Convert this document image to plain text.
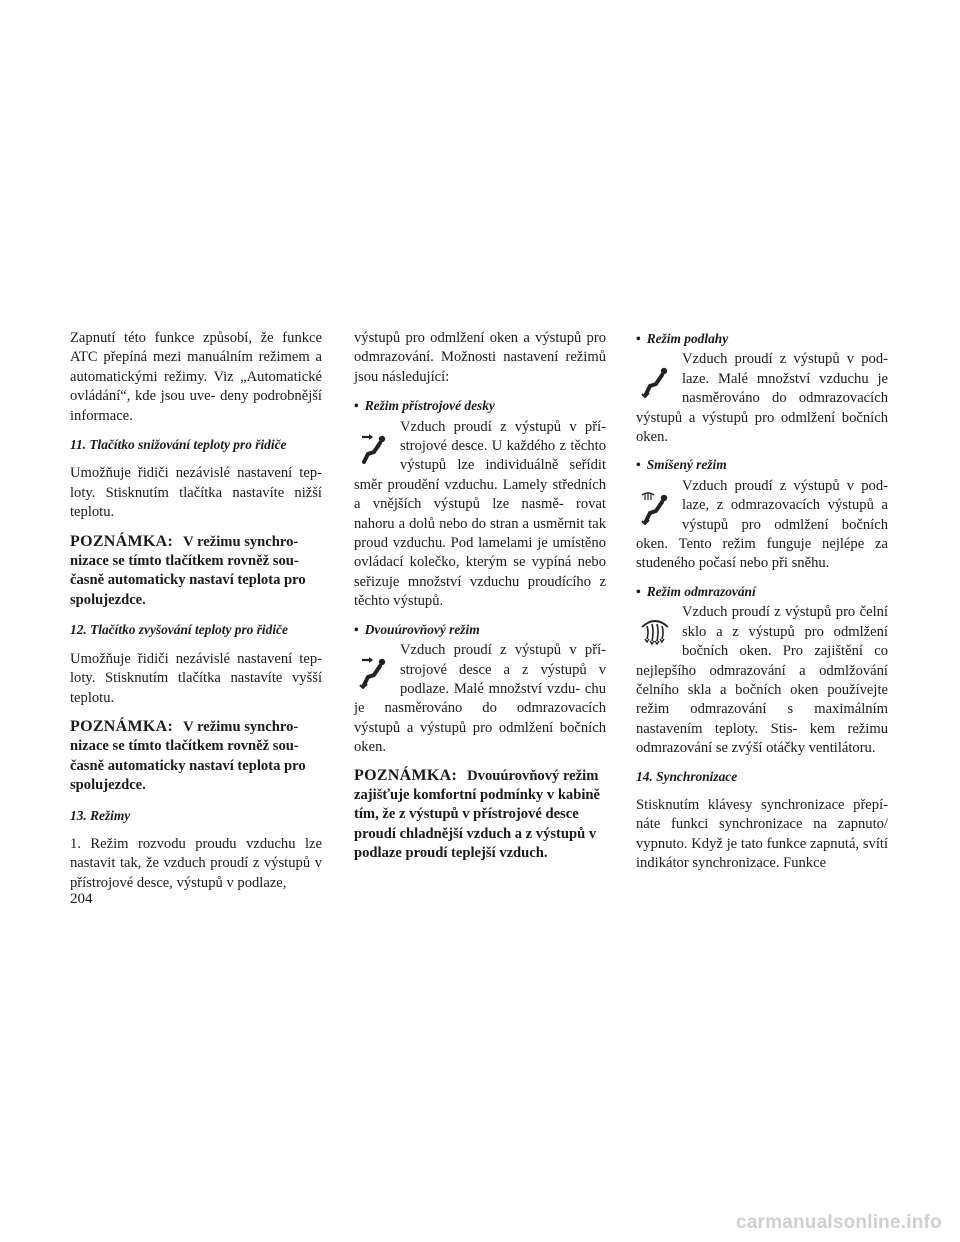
Zapnutí této funkce způsobí, že funkce ATC přepíná mezi manuálním režimem a automatickými režimy. Viz „Automatické ovládání“, kde jsou uve- deny podrobnější informace.

11. Tlačítko snižování teploty pro řidiče

Umožňuje řidiči nezávislé nastavení tep- loty. Stisknutím tlačítka nastavíte nižší teplotu.

POZNÁMKA: V režimu synchro- nizace se tímto tlačítkem rovněž sou- časně automaticky nastaví teplota pro spolujezdce.

12. Tlačítko zvyšování teploty pro řidiče

Umožňuje řidiči nezávislé nastavení tep- loty. Stisknutím tlačítka nastavíte vyšší teplotu.

POZNÁMKA: V režimu synchro- nizace se tímto tlačítkem rovněž sou- časně automaticky nastaví teplota pro spolujezdce.

13. Režimy

1. Režim rozvodu proudu vzduchu lze nastavit tak, že vzduch proudí z výstupů v přístrojové desce, výstupů v podlaze,

výstupů pro odmlžení oken a výstupů pro odmrazování. Možnosti nastavení režimů jsou následující:

• Režim přístrojové desky

Vzduch proudí z výstupů v pří- strojové desce. U každého z těchto výstupů lze individuálně seřídit směr proudění vzduchu. Lamely středních a vnějších výstupů lze nasmě- rovat nahoru a dolů nebo do stran a usměrnit tak proud vzduchu. Pod lamelami je umístěno ovládací kolečko, kterým se vypíná nebo seřizuje množství vzduchu proudícího z těchto výstupů.

• Dvouúrovňový režim

Vzduch proudí z výstupů v pří- strojové desce a z výstupů v podlaze. Malé množství vzdu- chu je nasměrováno do odmrazovacích výstupů a výstupů pro odmlžení bočních oken.

POZNÁMKA: Dvouúrovňový režim zajišťuje komfortní podmínky v kabině tím, že z výstupů v přístrojové desce proudí chladnější vzduch a z výstupů v podlaze proudí teplejší vzduch.

• Režim podlahy

Vzduch proudí z výstupů v pod- laze. Malé množství vzduchu je nasměrováno do odmrazovacích výstupů a výstupů pro odmlžení bočních oken.

• Smíšený režim

Vzduch proudí z výstupů v pod- laze, z odmrazovacích výstupů a výstupů pro odmlžení bočních oken. Tento režim funguje nejlépe za studeného počasí nebo při sněhu.

• Režim odmrazování

Vzduch proudí z výstupů pro čelní sklo a z výstupů pro odmlžení bočních oken. Pro zajištění co nejlepšího odmrazování a odmlžování čelního skla a bočních oken používejte režim odmrazování s maximálním nastavením teploty. Stis- kem režimu odmrazování se zvýší otáčky ventilátoru.

14. Synchronizace

Stisknutím klávesy synchronizace přepí- náte funkci synchronizace na zapnuto/ vypnuto. Když je tato funkce zapnutá, svítí indikátor synchronizace. Funkce

204
carmanualsonline.info
